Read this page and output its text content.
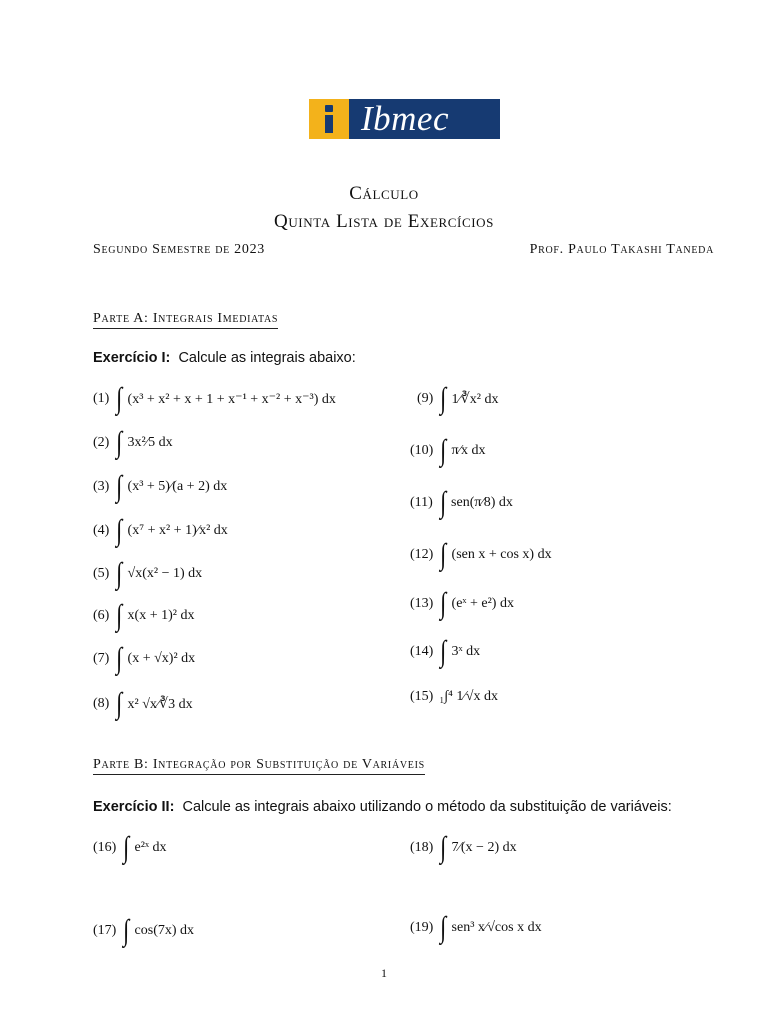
Ibmec
Cálculo
Quinta Lista de Exercícios
Segundo Semestre de 2023	Prof. Paulo Takashi Taneda
Parte A: Integrais Imediatas
Exercício I: Calcule as integrais abaixo:
(1) ∫ (x³ + x² + x + 1 + x⁻¹ + x⁻² + x⁻³) dx
(2) ∫ 3x²⁄5 dx
(3) ∫ (x³ + 5)⁄(a + 2) dx
(4) ∫ (x⁷ + x² + 1)⁄x² dx
(5) ∫ √x(x² − 1) dx
(6) ∫ x(x + 1)² dx
(7) ∫ (x + √x)² dx
(8) ∫ x² √x⁄∛3 dx
(9) ∫ 1⁄∛x² dx
(10) ∫ π⁄x dx
(11) ∫ sen(π⁄8) dx
(12) ∫ (sen x + cos x) dx
(13) ∫ (eˣ + e²) dx
(14) ∫ 3ˣ dx
(15) ₁∫⁴ 1⁄√x dx
Parte B: Integração por Substituição de Variáveis
Exercício II: Calcule as integrais abaixo utilizando o método da substituição de variáveis:
(16) ∫ e²ˣ dx
(17) ∫ cos(7x) dx
(18) ∫ 7⁄(x − 2) dx
(19) ∫ sen³ x⁄√cos x dx
1
